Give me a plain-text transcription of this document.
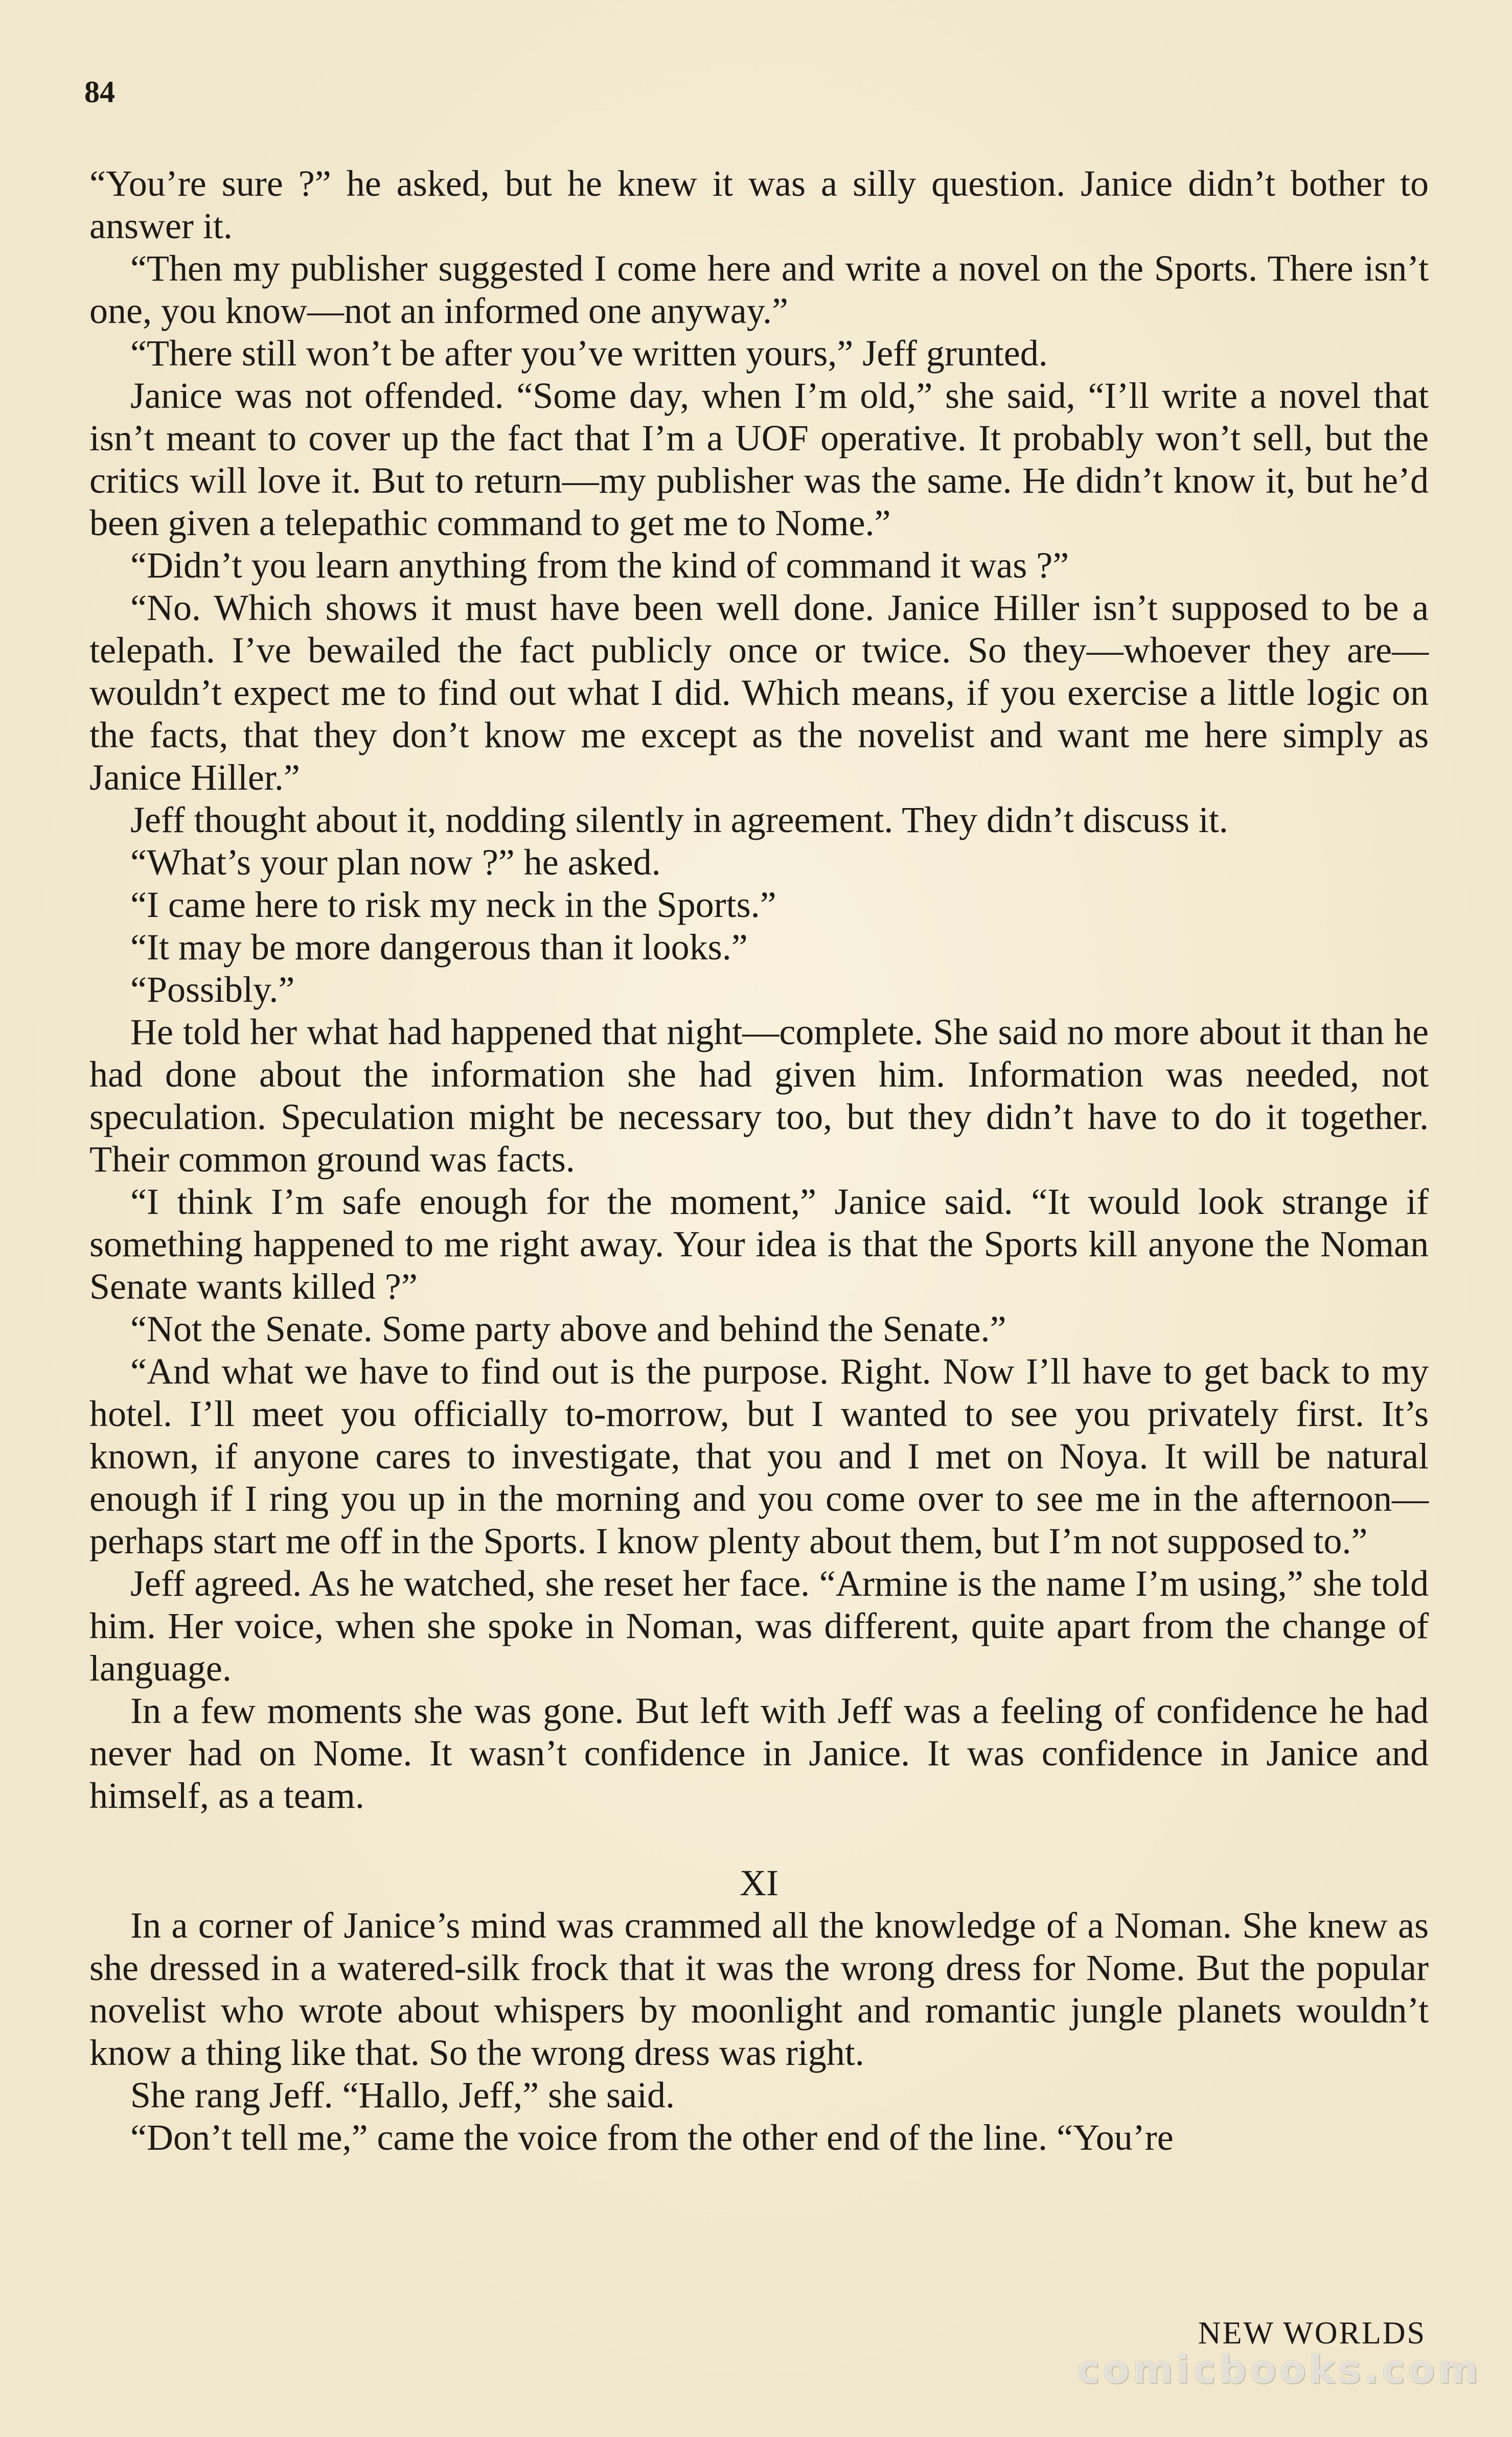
84

“You’re sure ?” he asked, but he knew it was a silly question. Janice didn’t bother to answer it.

“Then my publisher suggested I come here and write a novel on the Sports. There isn’t one, you know—not an informed one anyway.”

“There still won’t be after you’ve written yours,” Jeff grunted.

Janice was not offended. “Some day, when I’m old,” she said, “I’ll write a novel that isn’t meant to cover up the fact that I’m a UOF operative. It probably won’t sell, but the critics will love it. But to return—my publisher was the same. He didn’t know it, but he’d been given a telepathic command to get me to Nome.”

“Didn’t you learn anything from the kind of command it was ?”

“No. Which shows it must have been well done. Janice Hiller isn’t supposed to be a telepath. I’ve bewailed the fact publicly once or twice. So they—whoever they are—wouldn’t expect me to find out what I did. Which means, if you exercise a little logic on the facts, that they don’t know me except as the novelist and want me here simply as Janice Hiller.”

Jeff thought about it, nodding silently in agreement. They didn’t discuss it.

“What’s your plan now ?” he asked.

“I came here to risk my neck in the Sports.”

“It may be more dangerous than it looks.”

“Possibly.”

He told her what had happened that night—complete. She said no more about it than he had done about the information she had given him. Information was needed, not speculation. Speculation might be necessary too, but they didn’t have to do it together. Their common ground was facts.

“I think I’m safe enough for the moment,” Janice said. “It would look strange if something happened to me right away. Your idea is that the Sports kill anyone the Noman Senate wants killed ?”

“Not the Senate. Some party above and behind the Senate.”

“And what we have to find out is the purpose. Right. Now I’ll have to get back to my hotel. I’ll meet you officially to-morrow, but I wanted to see you privately first. It’s known, if anyone cares to investigate, that you and I met on Noya. It will be natural enough if I ring you up in the morning and you come over to see me in the afternoon—perhaps start me off in the Sports. I know plenty about them, but I’m not supposed to.”

Jeff agreed. As he watched, she reset her face. “Armine is the name I’m using,” she told him. Her voice, when she spoke in Noman, was different, quite apart from the change of language.

In a few moments she was gone. But left with Jeff was a feeling of confidence he had never had on Nome. It wasn’t confidence in Janice. It was confidence in Janice and himself, as a team.

XI

In a corner of Janice’s mind was crammed all the knowledge of a Noman. She knew as she dressed in a watered-silk frock that it was the wrong dress for Nome. But the popular novelist who wrote about whispers by moonlight and romantic jungle planets wouldn’t know a thing like that. So the wrong dress was right.

She rang Jeff. “Hallo, Jeff,” she said.

“Don’t tell me,” came the voice from the other end of the line. “You’re

NEW WORLDS
comicbooks.com
